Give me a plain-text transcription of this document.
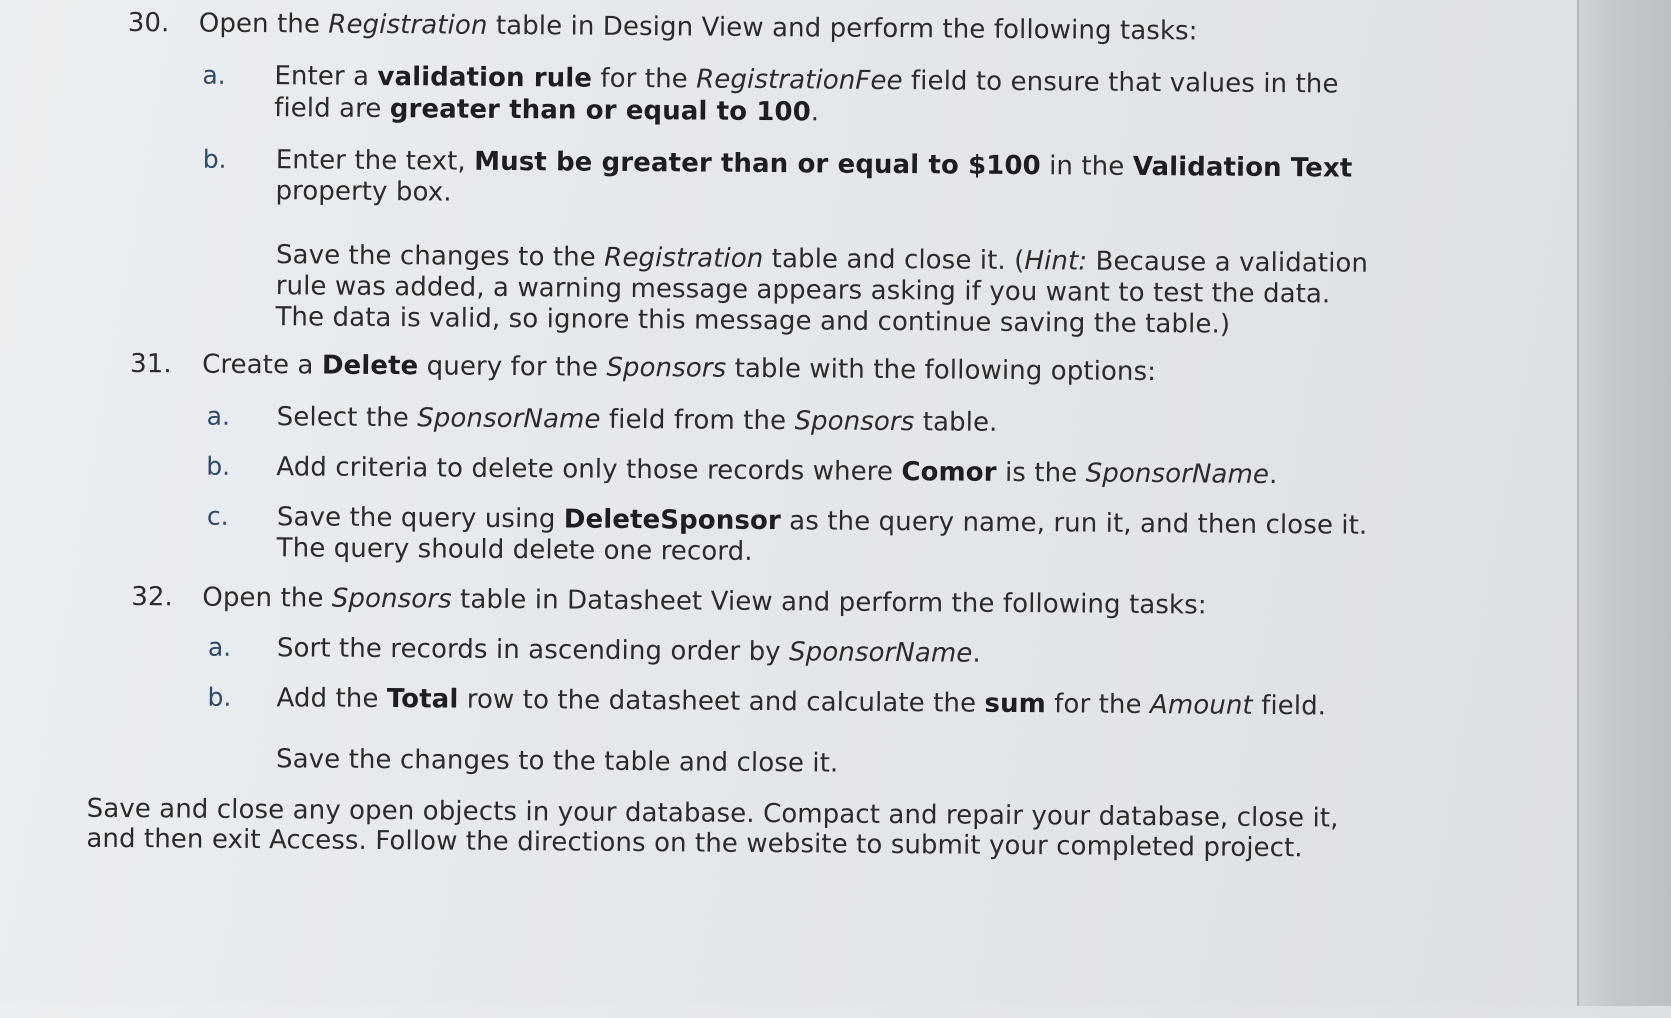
30. Open the Registration table in Design View and perform the following tasks:
a. Enter a validation rule for the RegistrationFee field to ensure that values in the
field are greater than or equal to 100.
b. Enter the text, Must be greater than or equal to $100 in the Validation Text
property box.
Save the changes to the Registration table and close it. (Hint: Because a validation
rule was added, a warning message appears asking if you want to test the data.
The data is valid, so ignore this message and continue saving the table.)
31. Create a Delete query for the Sponsors table with the following options:
a. Select the SponsorName field from the Sponsors table.
b. Add criteria to delete only those records where Comor is the SponsorName.
c. Save the query using DeleteSponsor as the query name, run it, and then close it.
The query should delete one record.
32. Open the Sponsors table in Datasheet View and perform the following tasks:
a. Sort the records in ascending order by SponsorName.
b. Add the Total row to the datasheet and calculate the sum for the Amount field.
Save the changes to the table and close it.
Save and close any open objects in your database. Compact and repair your database, close it,
and then exit Access. Follow the directions on the website to submit your completed project.
